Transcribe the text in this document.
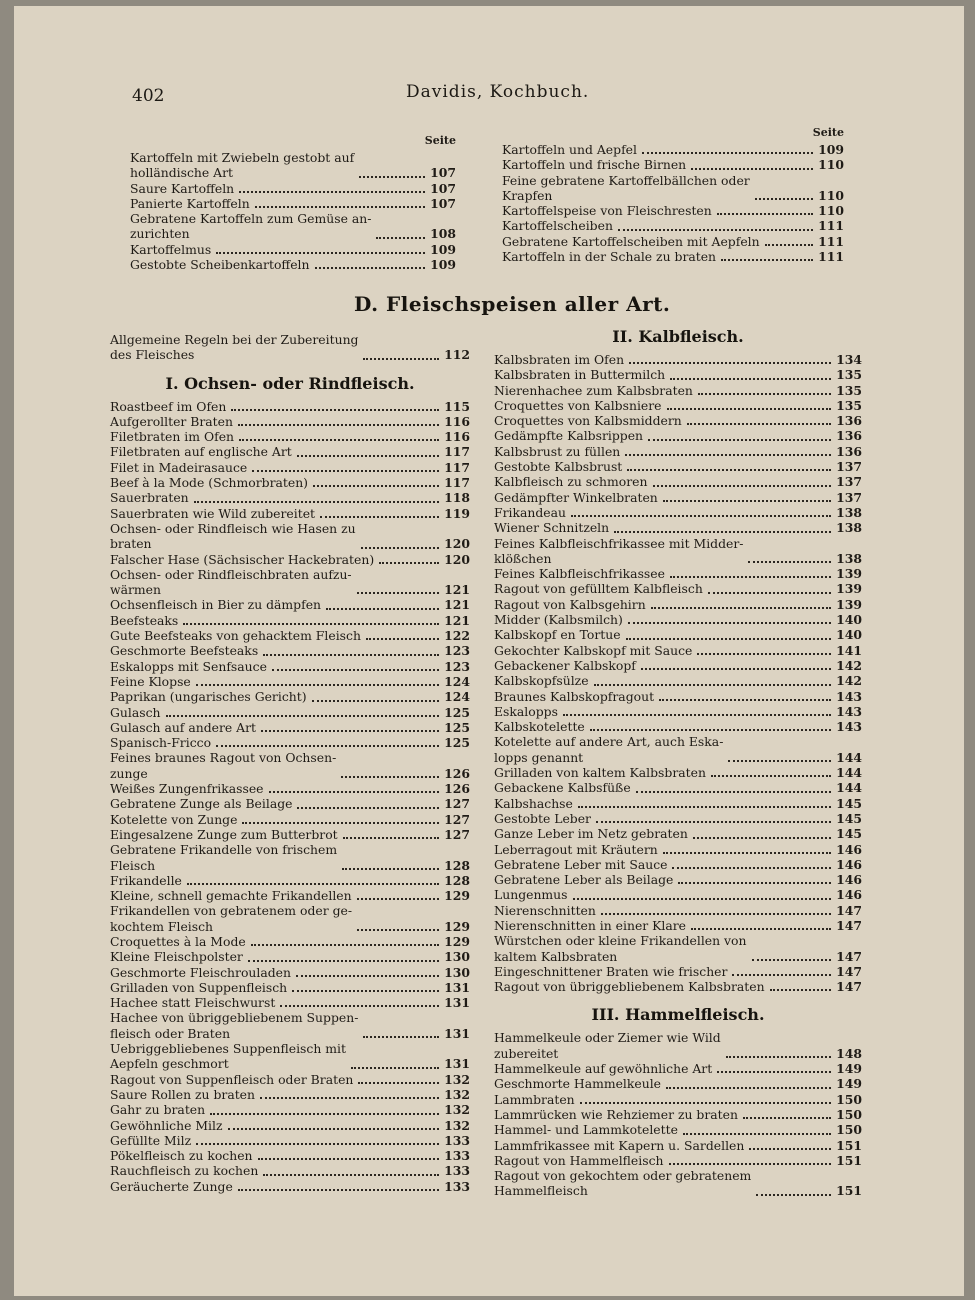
402	Davidis, Kochbuch.
Seite
Kartoffeln mit Zwiebeln gestobt auf
holländische Art	107
Saure Kartoffeln	107
Panierte Kartoffeln	107
Gebratene Kartoffeln zum Gemüse an-
zurichten	108
Kartoffelmus	109
Gestobte Scheibenkartoffeln	109
Seite
Kartoffeln und Aepfel	109
Kartoffeln und frische Birnen	110
Feine gebratene Kartoffelbällchen oder
Krapfen	110
Kartoffelspeise von Fleischresten	110
Kartoffelscheiben	111
Gebratene Kartoffelscheiben mit Aepfeln	111
Kartoffeln in der Schale zu braten	111
D. Fleischspeisen aller Art.
Allgemeine Regeln bei der Zubereitung
des Fleisches	112
I. Ochsen- oder Rindfleisch.
Roastbeef im Ofen	115
Aufgerollter Braten	116
Filetbraten im Ofen	116
Filetbraten auf englische Art	117
Filet in Madeirasauce	117
Beef à la Mode (Schmorbraten)	117
Sauerbraten	118
Sauerbraten wie Wild zubereitet	119
Ochsen- oder Rindfleisch wie Hasen zu
braten	120
Falscher Hase (Sächsischer Hackebraten)	120
Ochsen- oder Rindfleischbraten aufzu-
wärmen	121
Ochsenfleisch in Bier zu dämpfen	121
Beefsteaks	121
Gute Beefsteaks von gehacktem Fleisch	122
Geschmorte Beefsteaks	123
Eskalopps mit Senfsauce	123
Feine Klopse	124
Paprikan (ungarisches Gericht)	124
Gulasch	125
Gulasch auf andere Art	125
Spanisch-Fricco	125
Feines braunes Ragout von Ochsen-
zunge	126
Weißes Zungenfrikassee	126
Gebratene Zunge als Beilage	127
Kotelette von Zunge	127
Eingesalzene Zunge zum Butterbrot	127
Gebratene Frikandelle von frischem
Fleisch	128
Frikandelle	128
Kleine, schnell gemachte Frikandellen	129
Frikandellen von gebratenem oder ge-
kochtem Fleisch	129
Croquettes à la Mode	129
Kleine Fleischpolster	130
Geschmorte Fleischrouladen	130
Grilladen von Suppenfleisch	131
Hachee statt Fleischwurst	131
Hachee von übriggebliebenem Suppen-
fleisch oder Braten	131
Uebriggebliebenes Suppenfleisch mit
Aepfeln geschmort	131
Ragout von Suppenfleisch oder Braten	132
Saure Rollen zu braten	132
Gahr zu braten	132
Gewöhnliche Milz	132
Gefüllte Milz	133
Pökelfleisch zu kochen	133
Rauchfleisch zu kochen	133
Geräucherte Zunge	133
II. Kalbfleisch.
Kalbsbraten im Ofen	134
Kalbsbraten in Buttermilch	135
Nierenhachee zum Kalbsbraten	135
Croquettes von Kalbsniere	135
Croquettes von Kalbsmiddern	136
Gedämpfte Kalbsrippen	136
Kalbsbrust zu füllen	136
Gestobte Kalbsbrust	137
Kalbfleisch zu schmoren	137
Gedämpfter Winkelbraten	137
Frikandeau	138
Wiener Schnitzeln	138
Feines Kalbfleischfrikassee mit Midder-
klößchen	138
Feines Kalbfleischfrikassee	139
Ragout von gefülltem Kalbfleisch	139
Ragout von Kalbsgehirn	139
Midder (Kalbsmilch)	140
Kalbskopf en Tortue	140
Gekochter Kalbskopf mit Sauce	141
Gebackener Kalbskopf	142
Kalbskopfsülze	142
Braunes Kalbskopfragout	143
Eskalopps	143
Kalbskotelette	143
Kotelette auf andere Art, auch Eska-
lopps genannt	144
Grilladen von kaltem Kalbsbraten	144
Gebackene Kalbsfüße	144
Kalbshachse	145
Gestobte Leber	145
Ganze Leber im Netz gebraten	145
Leberragout mit Kräutern	146
Gebratene Leber mit Sauce	146
Gebratene Leber als Beilage	146
Lungenmus	146
Nierenschnitten	147
Nierenschnitten in einer Klare	147
Würstchen oder kleine Frikandellen von
kaltem Kalbsbraten	147
Eingeschnittener Braten wie frischer	147
Ragout von übriggebliebenem Kalbsbraten	147
III. Hammelfleisch.
Hammelkeule oder Ziemer wie Wild
zubereitet	148
Hammelkeule auf gewöhnliche Art	149
Geschmorte Hammelkeule	149
Lammbraten	150
Lammrücken wie Rehziemer zu braten	150
Hammel- und Lammkotelette	150
Lammfrikassee mit Kapern u. Sardellen	151
Ragout von Hammelfleisch	151
Ragout von gekochtem oder gebratenem
Hammelfleisch	151
